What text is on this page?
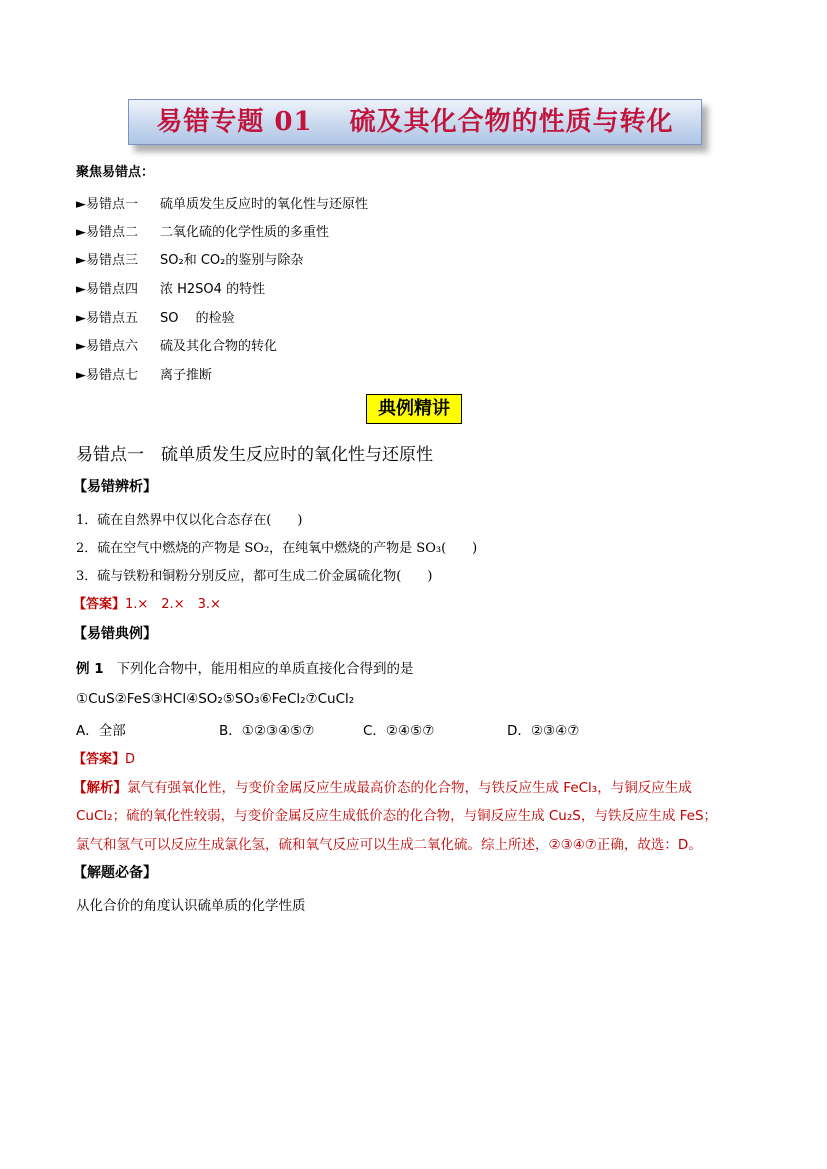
易错专题 01　 硫及其化合物的性质与转化
聚焦易错点：
►易错点一 硫单质发生反应时的氧化性与还原性
►易错点二 二氧化硫的化学性质的多重性
►易错点三 SO₂和 CO₂的鉴别与除杂
►易错点四 浓 H2SO4 的特性
►易错点五 SO　 的检验
►易错点六 硫及其化合物的转化
►易错点七 离子推断
典例精讲
易错点一　硫单质发生反应时的氧化性与还原性
【易错辨析】
1．硫在自然界中仅以化合态存在(　　)
2．硫在空气中燃烧的产物是 SO₂，在纯氧中燃烧的产物是 SO₃(　　)
3．硫与铁粉和铜粉分别反应，都可生成二价金属硫化物(　　)
【答案】1.×　2.×　3.×
【易错典例】
例 1 下列化合物中，能用相应的单质直接化合得到的是
①CuS②FeS③HCl④SO₂⑤SO₃⑥FeCl₂⑦CuCl₂
A．全部	B．①②③④⑤⑦	C．②④⑤⑦	D．②③④⑦
【答案】D
【解析】氯气有强氧化性，与变价金属反应生成最高价态的化合物，与铁反应生成 FeCl₃，与铜反应生成
CuCl₂；硫的氧化性较弱，与变价金属反应生成低价态的化合物，与铜反应生成 Cu₂S，与铁反应生成 FeS；
氯气和氢气可以反应生成氯化氢，硫和氧气反应可以生成二氧化硫。综上所述，②③④⑦正确，故选：D。
【解题必备】
从化合价的角度认识硫单质的化学性质
